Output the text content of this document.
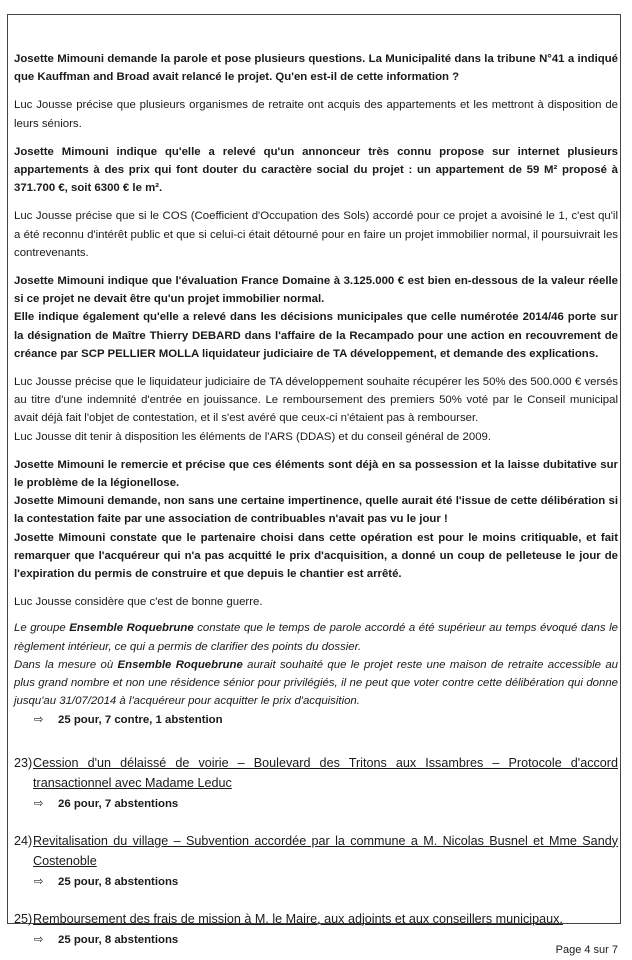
Josette Mimouni demande la parole et pose plusieurs questions. La Municipalité dans la tribune N°41 a indiqué que Kauffman and Broad avait relancé le projet. Qu'en est-il de cette information ?

Luc Jousse précise que plusieurs organismes de retraite ont acquis des appartements et les mettront à disposition de leurs séniors.

Josette Mimouni indique qu'elle a relevé qu'un annonceur très connu propose sur internet plusieurs appartements à des prix qui font douter du caractère social du projet : un appartement de 59 M² proposé à 371.700 €, soit 6300 € le m².

Luc Jousse précise que si le COS (Coefficient d'Occupation des Sols) accordé pour ce projet a avoisiné le 1, c'est qu'il a été reconnu d'intérêt public et que si celui-ci était détourné pour en faire un projet immobilier normal, il poursuivrait les contrevenants.

Josette Mimouni indique que l'évaluation France Domaine à 3.125.000 € est bien en-dessous de la valeur réelle si ce projet ne devait être qu'un projet immobilier normal.

Elle indique également qu'elle a relevé dans les décisions municipales que celle numérotée 2014/46 porte sur la désignation de Maître Thierry DEBARD dans l'affaire de la Recampado pour une action en recouvrement de créance par SCP PELLIER MOLLA liquidateur judiciaire de TA développement, et demande des explications.

Luc Jousse précise que le liquidateur judiciaire de TA développement souhaite récupérer les 50% des 500.000 € versés au titre d'une indemnité d'entrée en jouissance. Le remboursement des premiers 50% voté par le Conseil municipal avait déjà fait l'objet de contestation, et il s'est avéré que ceux-ci n'étaient pas à rembourser.

Luc Jousse dit tenir à disposition les éléments de l'ARS (DDAS) et du conseil général de 2009.

Josette Mimouni le remercie et précise que ces éléments sont déjà en sa possession et la laisse dubitative sur le problème de la légionellose.

Josette Mimouni demande, non sans une certaine impertinence, quelle aurait été l'issue de cette délibération si la contestation faite par une association de contribuables n'avait pas vu le jour !

Josette Mimouni constate que le partenaire choisi dans cette opération est pour le moins critiquable, et fait remarquer que l'acquéreur qui n'a pas acquitté le prix d'acquisition, a donné un coup de pelleteuse le jour de l'expiration du permis de construire et que depuis le chantier est arrêté.

Luc Jousse considère que c'est de bonne guerre.

Le groupe Ensemble Roquebrune constate que le temps de parole accordé a été supérieur au temps évoqué dans le règlement intérieur, ce qui a permis de clarifier des points du dossier.

Dans la mesure où Ensemble Roquebrune aurait souhaité que le projet reste une maison de retraite accessible au plus grand nombre et non une résidence sénior pour privilégiés, il ne peut que voter contre cette délibération qui donne jusqu'au 31/07/2014 à l'acquéreur pour acquitter le prix d'acquisition.

⇨ 25 pour, 7 contre, 1 abstention

23) Cession d'un délaissé de voirie – Boulevard des Tritons aux Issambres – Protocole d'accord transactionnel avec Madame Leduc

⇨ 26 pour, 7 abstentions

24) Revitalisation du village – Subvention accordée par la commune a M. Nicolas Busnel et Mme Sandy Costenoble

⇨ 25 pour, 8 abstentions

25) Remboursement des frais de mission à M. le Maire, aux adjoints et aux conseillers municipaux.

⇨ 25 pour, 8 abstentions

Page 4 sur 7
